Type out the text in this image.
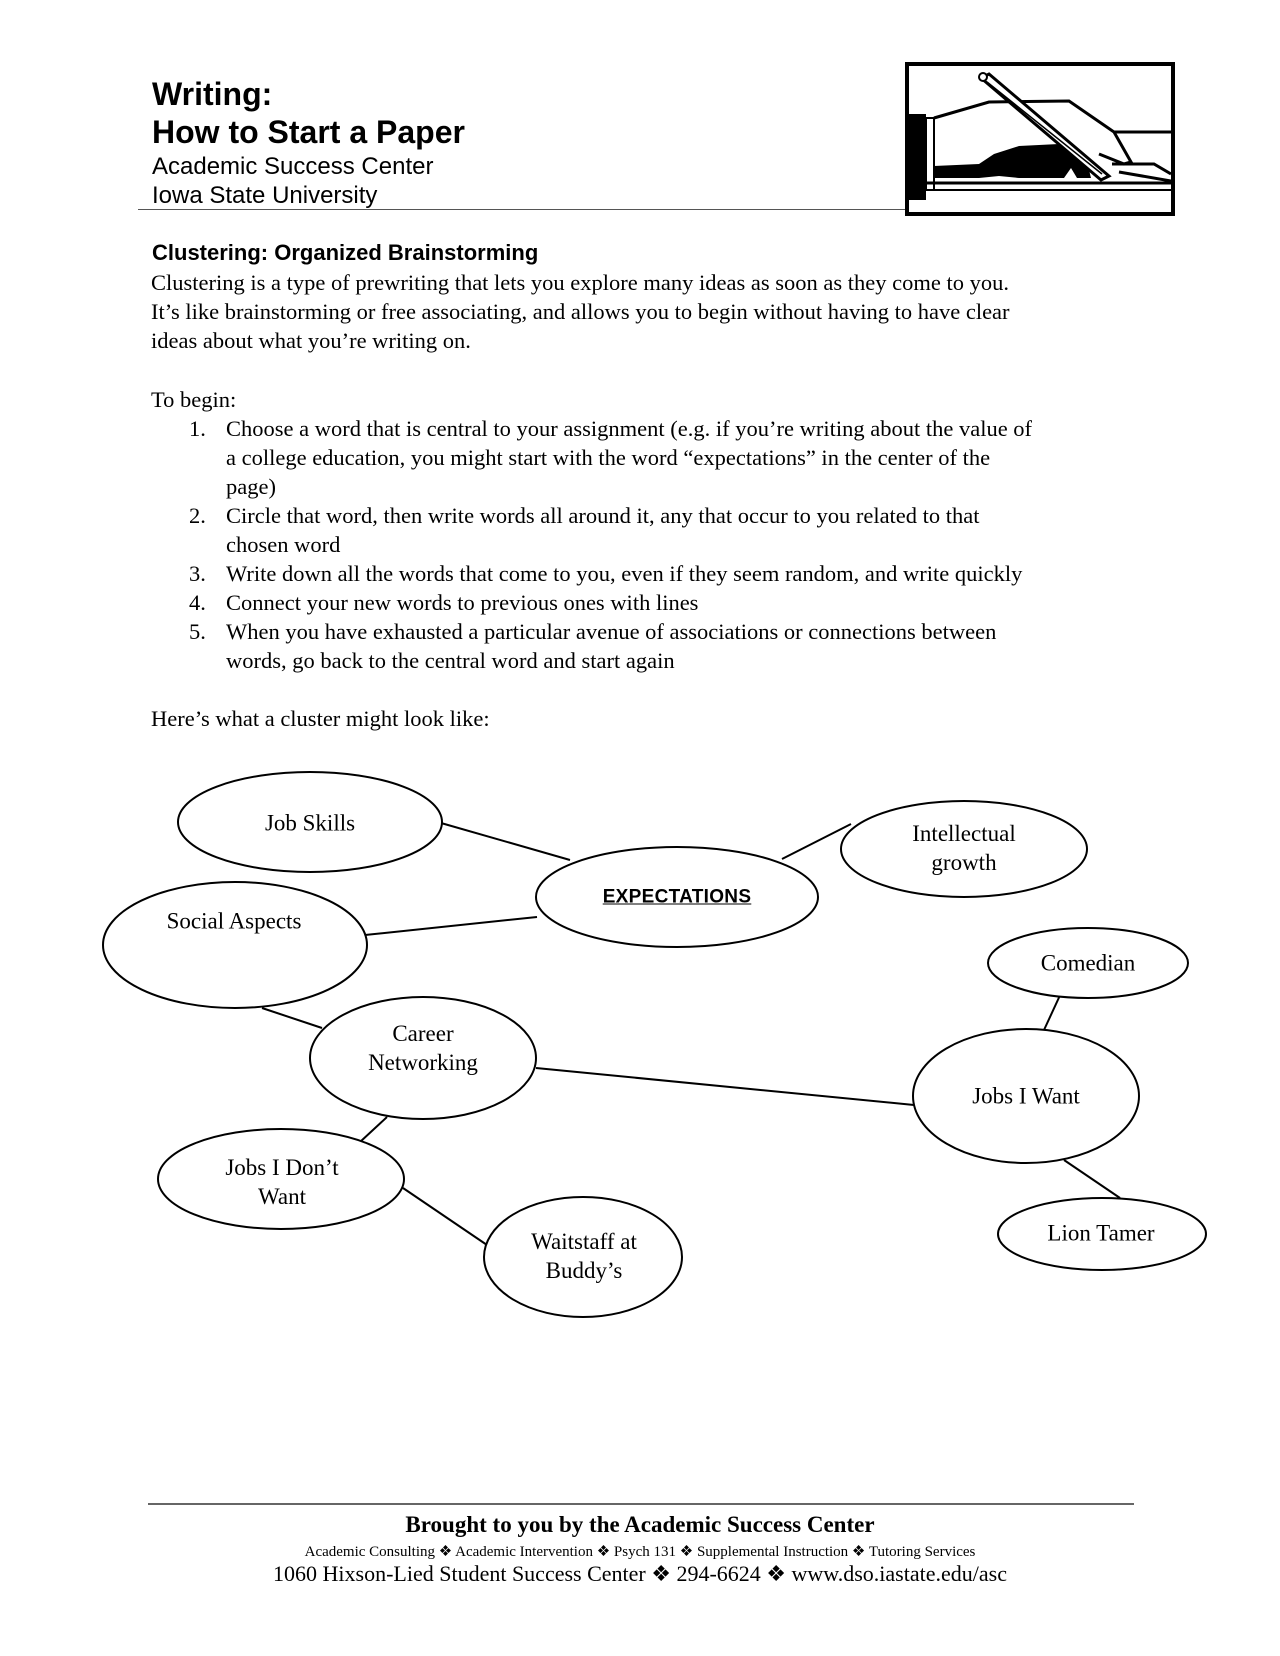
Writing:
How to Start a Paper
Academic Success Center
Iowa State University
Clustering: Organized Brainstorming
Clustering is a type of prewriting that lets you explore many ideas as soon as they come to you.
It’s like brainstorming or free associating, and allows you to begin without having to have clear
ideas about what you’re writing on.
To begin:
1. Choose a word that is central to your assignment (e.g. if you’re writing about the value of
a college education, you might start with the word “expectations” in the center of the
page)
2. Circle that word, then write words all around it, any that occur to you related to that
chosen word
3. Write down all the words that come to you, even if they seem random, and write quickly
4. Connect your new words to previous ones with lines
5. When you have exhausted a particular avenue of associations or connections between
words, go back to the central word and start again
Here’s what a cluster might look like:
Job Skills
EXPECTATIONS
Intellectual
growth
Social Aspects
Comedian
Career
Networking
Jobs I Want
Jobs I Don’t
Want
Lion Tamer
Waitstaff at
Buddy’s
Brought to you by the Academic Success Center
Academic Consulting ❖ Academic Intervention ❖ Psych 131 ❖ Supplemental Instruction ❖ Tutoring Services
1060 Hixson-Lied Student Success Center ❖ 294-6624 ❖ www.dso.iastate.edu/asc
